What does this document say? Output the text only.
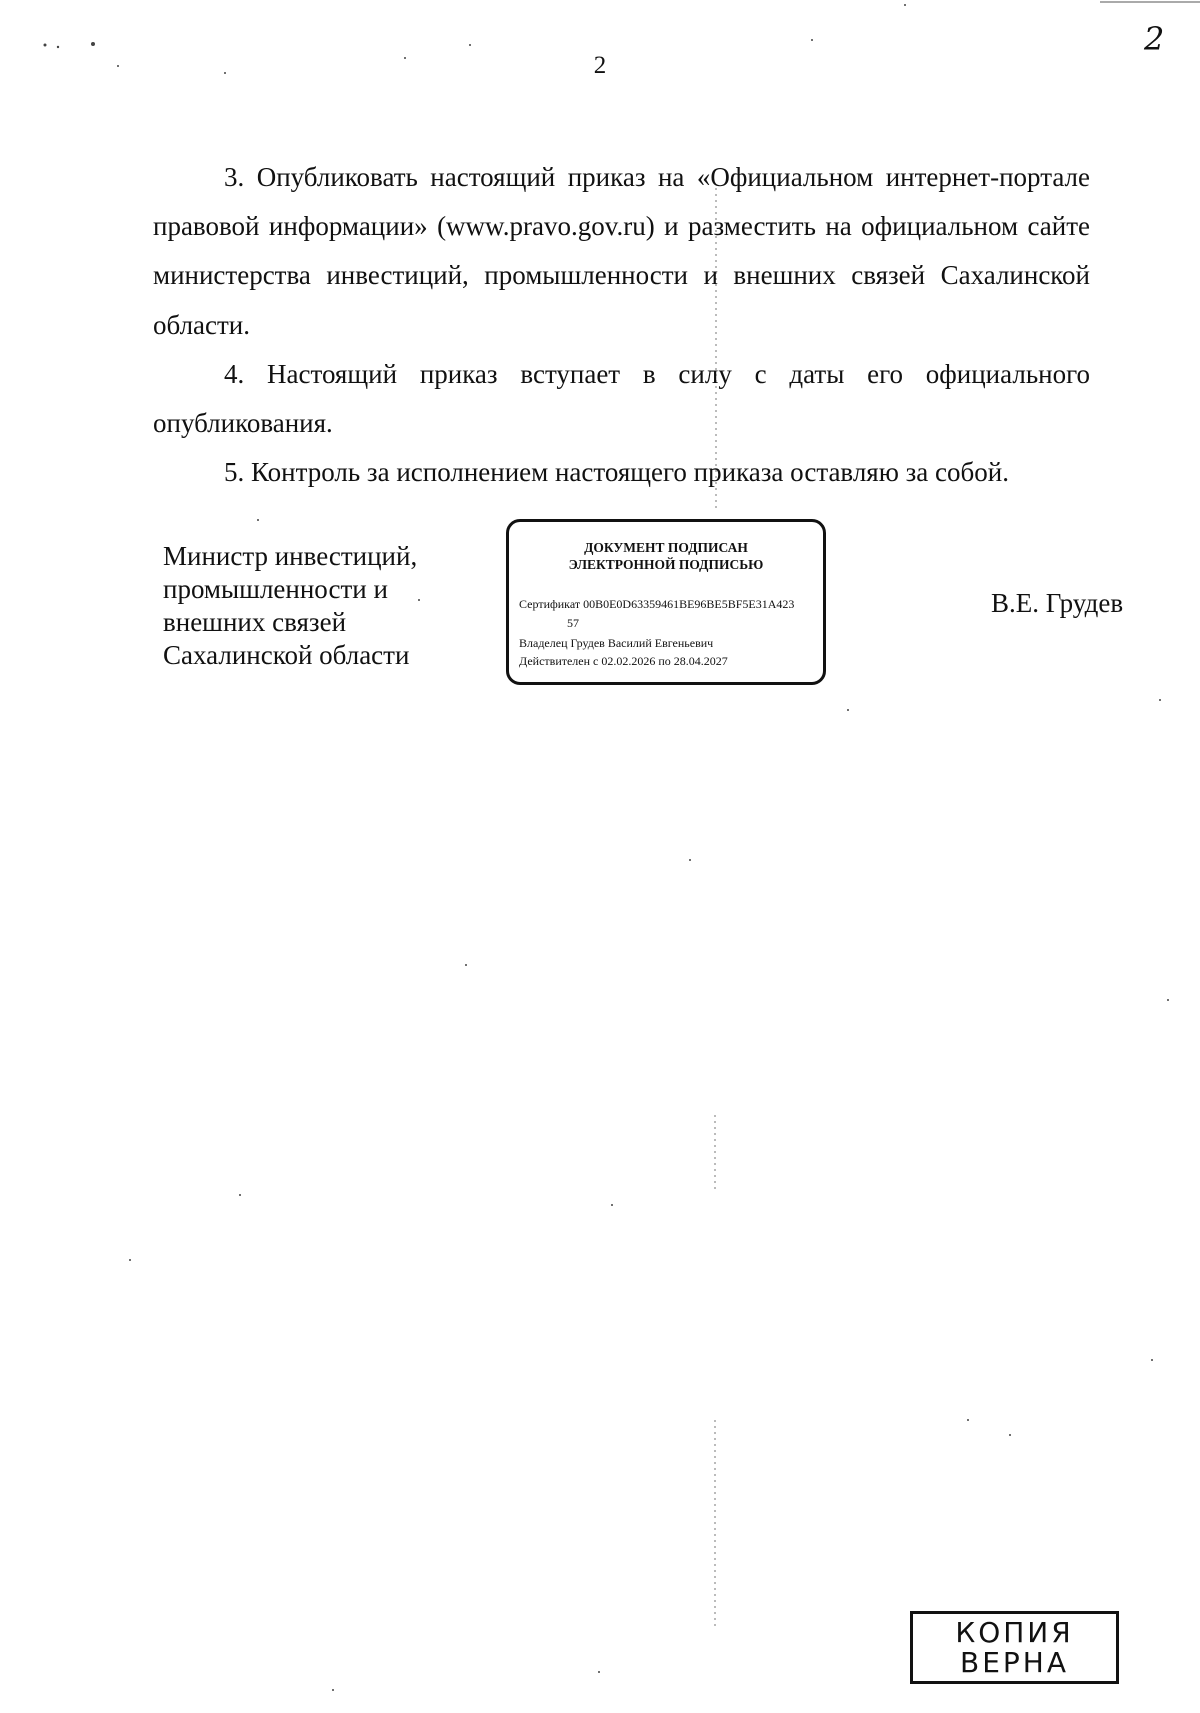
2
2

3. Опубликовать настоящий приказ на «Официальном интернет-портале правовой информации» (www.pravo.gov.ru) и разместить на официальном сайте министерства инвестиций, промышленности и внешних связей Сахалинской области.

4. Настоящий приказ вступает в силу с даты его официального опубликования.

5. Контроль за исполнением настоящего приказа оставляю за собой.

Министр инвестиций,
промышленности и
внешних связей
Сахалинской области
ДОКУМЕНТ ПОДПИСАН
ЭЛЕКТРОННОЙ ПОДПИСЬЮ
Сертификат 00B0E0D63359461BE96BE5BF5E31A423
57
Владелец Грудев Василий Евгеньевич
Действителен с 02.02.2026 по 28.04.2027
В.Е. Грудев
КОПИЯ
ВЕРНА
